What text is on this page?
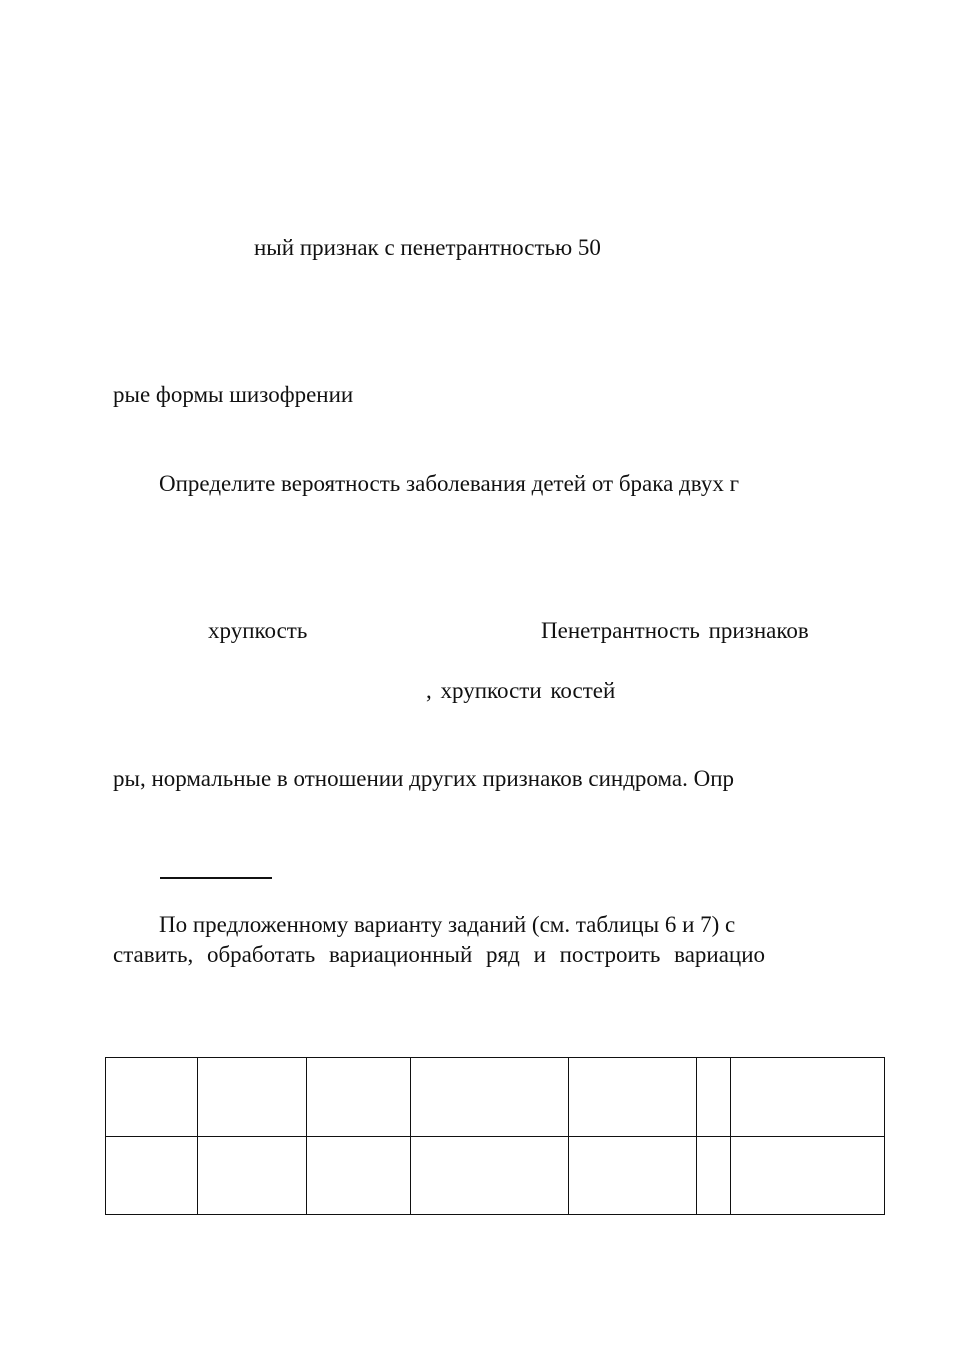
ный признак с пенетрантностью 50

рые формы шизофрении

Определите вероятность заболевания детей от брака двух г

хрупкость	Пенетрантность признаков

, хрупкости костей

ры, нормальные в отношении других признаков синдрома. Опр

По предложенному варианту заданий (см. таблицы 6 и 7) с

ставить, обработать вариационный ряд и построить вариацио
